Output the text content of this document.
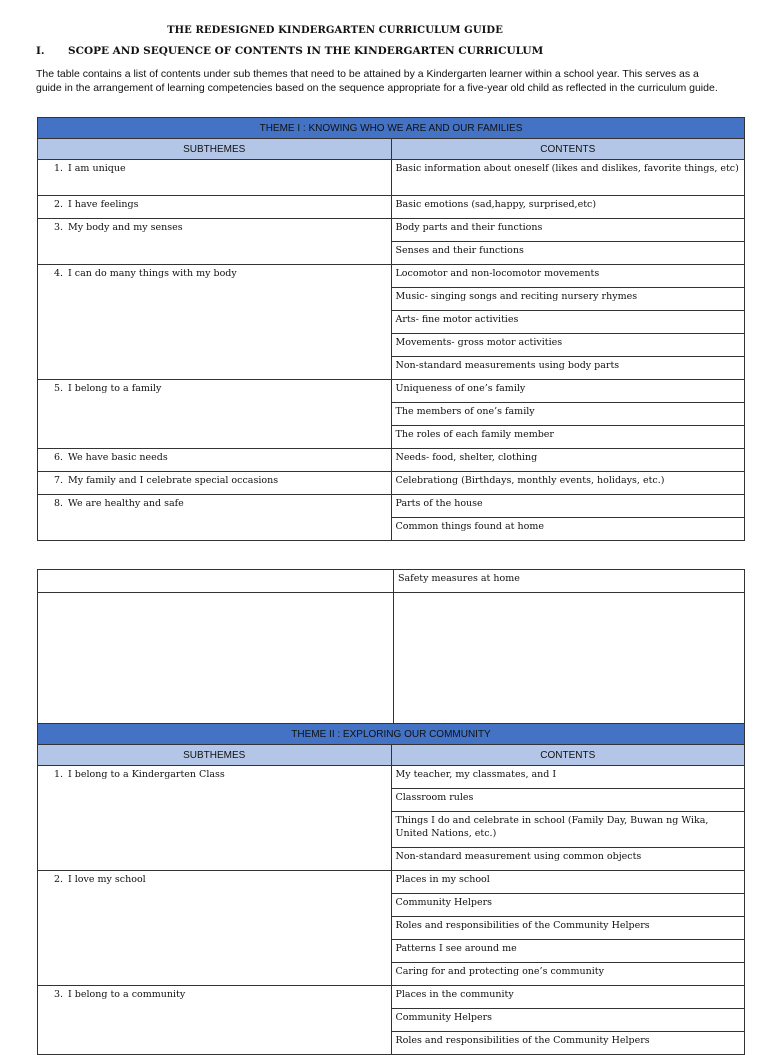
THE REDESIGNED KINDERGARTEN CURRICULUM GUIDE
I. SCOPE AND SEQUENCE OF CONTENTS IN THE KINDERGARTEN CURRICULUM
The table contains a list of contents under sub themes that need to be attained by a Kindergarten learner within a school year. This serves as a guide in the arrangement of learning competencies based on the sequence appropriate for a five-year old child as reflected in the curriculum guide.
THEME I : KNOWING WHO WE ARE AND OUR FAMILIES	
SUBTHEMES	CONTENTS
1. I am unique	Basic information about oneself (likes and dislikes, favorite things, etc)
2. I have feelings	Basic emotions (sad,happy, surprised,etc)
3. My body and my senses	Body parts and their functions
	Senses and their functions
4. I can do many things with my body	Locomotor and non-locomotor movements
	Music- singing songs and reciting nursery rhymes
	Arts- fine motor activities
	Movements- gross motor activities
	Non-standard measurements using body parts
5. I belong to a family	Uniqueness of one’s family
	The members of one’s family
	The roles of each family member
6. We have basic needs	Needs- food, shelter, clothing
7. My family and I celebrate special occasions	Celebrationg (Birthdays, monthly events, holidays, etc.)
8. We are healthy and safe	Parts of the house
	Common things found at home
	Safety measures at home

THEME II : EXPLORING OUR COMMUNITY	
SUBTHEMES	CONTENTS
1. I belong to a Kindergarten Class	My teacher, my classmates, and I
	Classroom rules
	Things I do and celebrate in school (Family Day, Buwan ng Wika, United Nations, etc.)
	Non-standard measurement using common objects
2. I love my school	Places in my school
	Community Helpers
	Roles and responsibilities of the Community Helpers
	Patterns I see around me
	Caring for and protecting one’s community
3. I belong to a community	Places in the community
	Community Helpers
	Roles and responsibilities of the Community Helpers
